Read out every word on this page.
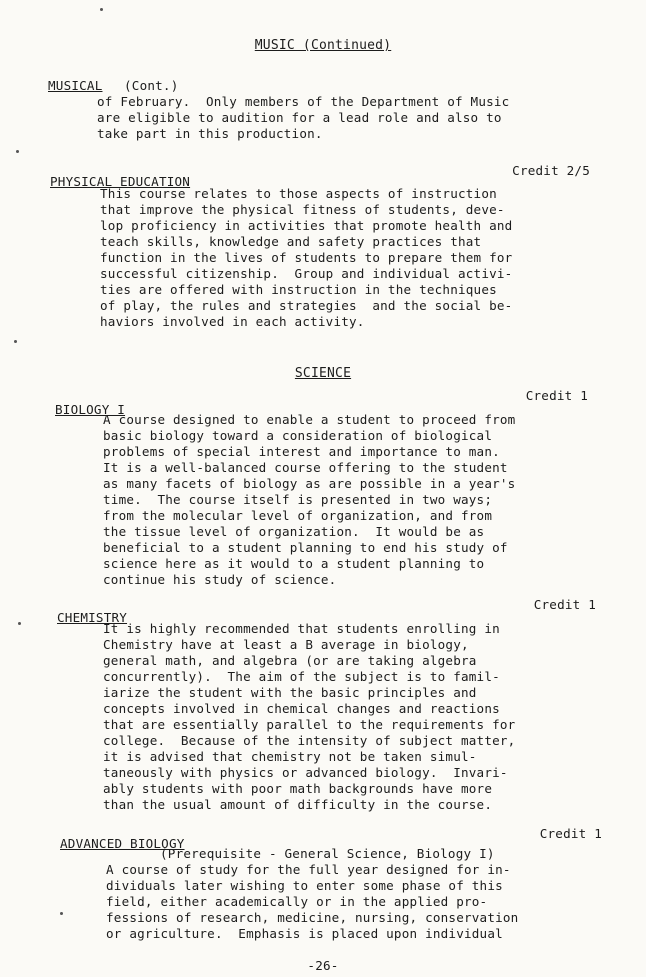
MUSIC (Continued)
MUSICAL (Cont.)
of February.  Only members of the Department of Music
are eligible to audition for a lead role and also to
take part in this production.
Credit 2/5
PHYSICAL EDUCATION
This course relates to those aspects of instruction
that improve the physical fitness of students, deve-
lop proficiency in activities that promote health and
teach skills, knowledge and safety practices that
function in the lives of students to prepare them for
successful citizenship.  Group and individual activi-
ties are offered with instruction in the techniques
of play, the rules and strategies  and the social be-
haviors involved in each activity.
SCIENCE
Credit 1
BIOLOGY I
A course designed to enable a student to proceed from
basic biology toward a consideration of biological
problems of special interest and importance to man.
It is a well-balanced course offering to the student
as many facets of biology as are possible in a year's
time.  The course itself is presented in two ways;
from the molecular level of organization, and from
the tissue level of organization.  It would be as
beneficial to a student planning to end his study of
science here as it would to a student planning to
continue his study of science.
Credit 1
CHEMISTRY
It is highly recommended that students enrolling in
Chemistry have at least a B average in biology,
general math, and algebra (or are taking algebra
concurrently).  The aim of the subject is to famil-
iarize the student with the basic principles and
concepts involved in chemical changes and reactions
that are essentially parallel to the requirements for
college.  Because of the intensity of subject matter,
it is advised that chemistry not be taken simul-
taneously with physics or advanced biology.  Invari-
ably students with poor math backgrounds have more
than the usual amount of difficulty in the course.
Credit 1
ADVANCED BIOLOGY
(Prerequisite - General Science, Biology I)
A course of study for the full year designed for in-
dividuals later wishing to enter some phase of this
field, either academically or in the applied pro-
fessions of research, medicine, nursing, conservation
or agriculture.  Emphasis is placed upon individual
-26-
